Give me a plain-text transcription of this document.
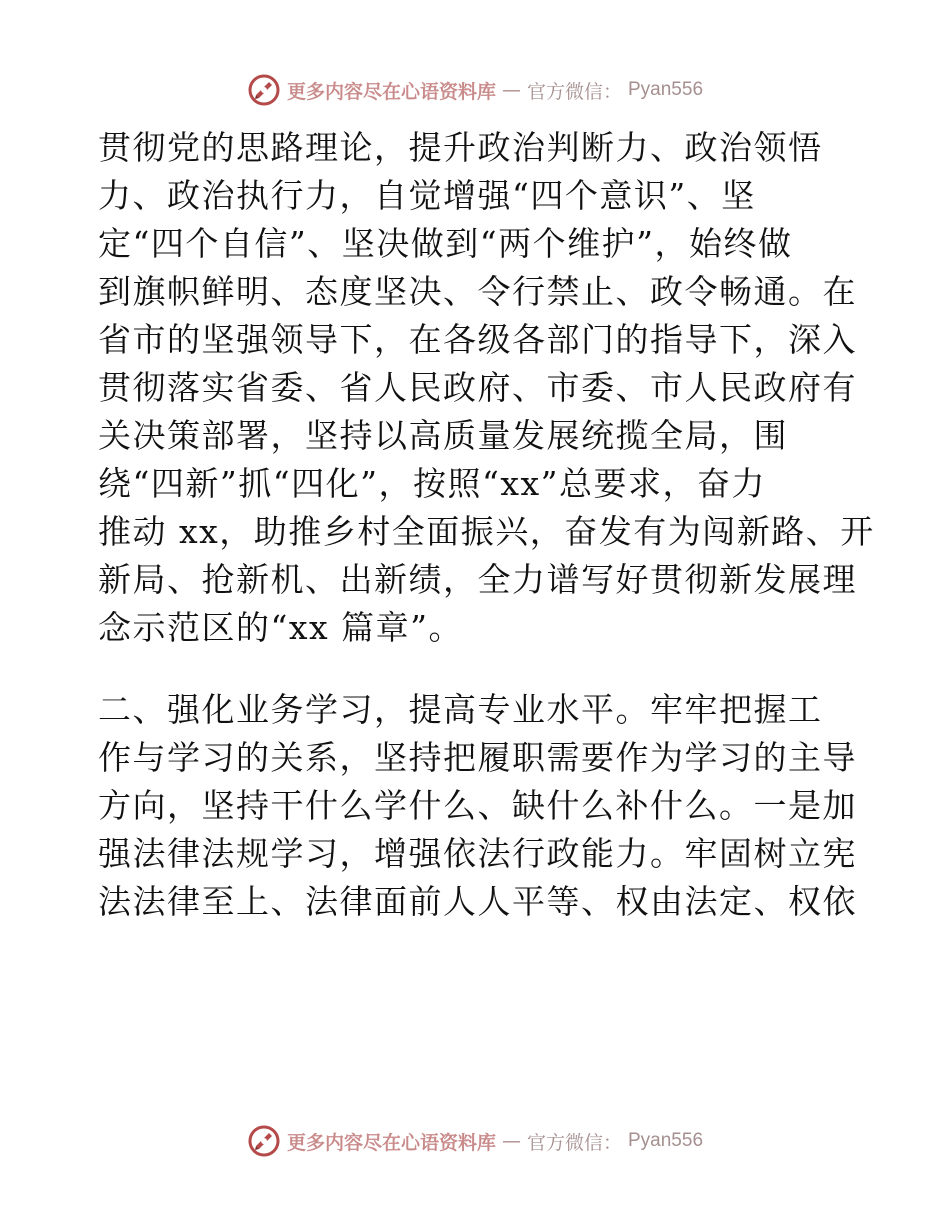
更多内容尽在心语资料库 — 官方微信： Pyan556
贯彻党的思路理论，提升政治判断力、政治领悟
力、政治执行力，自觉增强“四个意识”、坚
定“四个自信”、坚决做到“两个维护”，始终做
到旗帜鲜明、态度坚决、令行禁止、政令畅通。在
省市的坚强领导下，在各级各部门的指导下，深入
贯彻落实省委、省人民政府、市委、市人民政府有
关决策部署，坚持以高质量发展统揽全局，围
绕“四新”抓“四化”，按照“xx”总要求，奋力
推动 xx，助推乡村全面振兴，奋发有为闯新路、开
新局、抢新机、出新绩，全力谱写好贯彻新发展理
念示范区的“xx 篇章”。
二、强化业务学习，提高专业水平。牢牢把握工
作与学习的关系，坚持把履职需要作为学习的主导
方向，坚持干什么学什么、缺什么补什么。一是加
强法律法规学习，增强依法行政能力。牢固树立宪
法法律至上、法律面前人人平等、权由法定、权依
更多内容尽在心语资料库 — 官方微信： Pyan556
